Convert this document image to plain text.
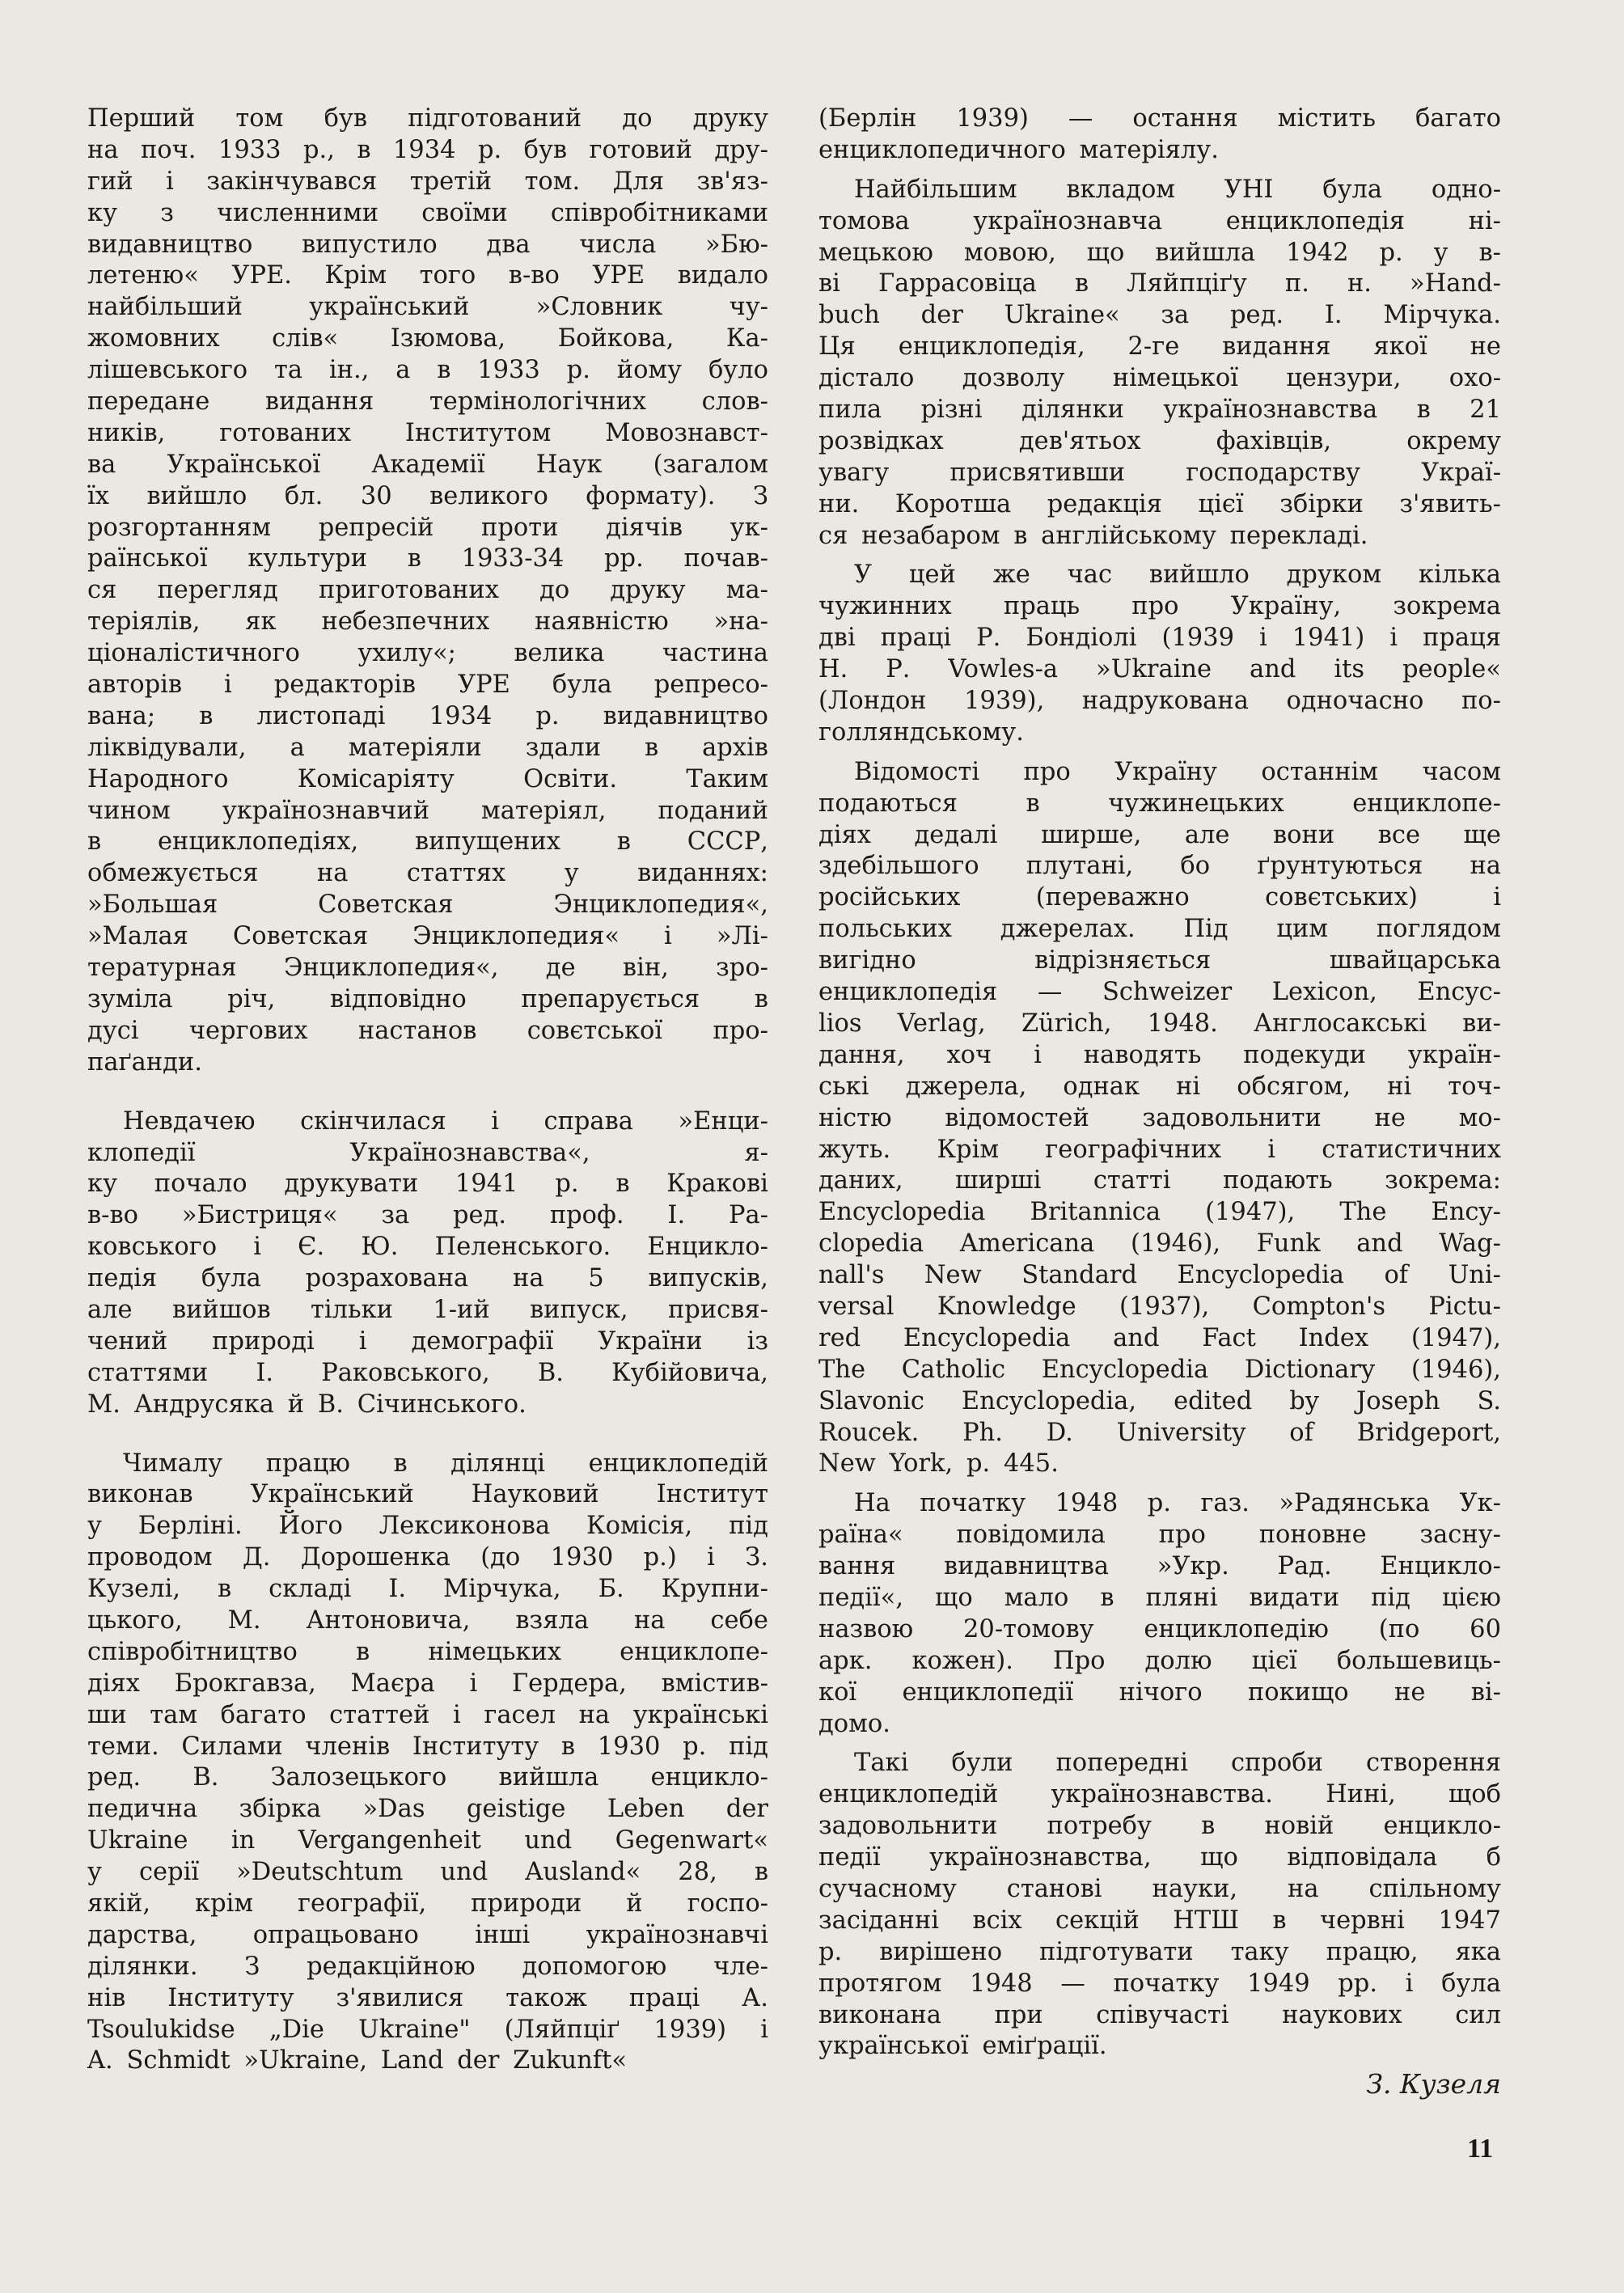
Перший том був підготований до друку
на поч. 1933 р., в 1934 р. був готовий дру-
гий і закінчувався третій том. Для зв'яз-
ку з численними своїми співробітниками
видавництво випустило два числа »Бю-
летеню« УРЕ. Крім того в-во УРЕ видало
найбільший	український	»Словник	чу-
жомовних слів« Ізюмова, Бойкова, Ка-
лішевського та ін., а в 1933 р. йому було
передане видання термінологічних слов-
ників, готованих Інститутом Мовознавст-
ва Української Академії Наук (загалом
їх вийшло бл. 30 великого формату). З
розгортанням репресій проти діячів ук-
раїнської культури в 1933-34 рр. почав-
ся перегляд приготованих до друку ма-
теріялів, як небезпечних наявністю »на-
ціоналістичного ухилу«; велика частина
авторів і редакторів УРЕ була репресо-
вана; в листопаді 1934 р. видавництво
ліквідували, а матеріяли здали в архів
Народного	Комісаріяту	Освіти.	Таким
чином українознавчий матеріял, поданий
в енциклопедіях, випущених в СССР,
обмежується на статтях у виданнях:
»Большая	Советская	Энциклопедия«,
»Малая Советская Энциклопедия« і »Лі-
тературная Энциклопедия«, де він, зро-
зуміла річ, відповідно препарується в
дусі чергових настанов совєтської про-
паґанди.
Невдачею скінчилася і справа »Енци-
клопедії	Українознавства«,	я-
ку почало друкувати 1941 р. в Кракові
в-во »Бистриця« за ред. проф. І. Ра-
ковського і Є. Ю. Пеленського. Енцикло-
педія була розрахована на 5 випусків,
але вийшов тільки 1-ий випуск, присвя-
чений природі і демографії України із
статтями І. Раковського, В. Кубійовича,
М. Андрусяка й В. Січинського.
Чималу працю в ділянці енциклопедій
виконав Український Науковий Інститут
у Берліні. Його Лексиконова Комісія, під
проводом Д. Дорошенка (до 1930 р.) і З.
Кузелі, в складі І. Мірчука, Б. Крупни-
цького, М. Антоновича, взяла на себе
співробітництво в німецьких енциклопе-
діях Брокгавза, Маєра і Гердера, вмістив-
ши там багато статтей і гасел на українські
теми. Силами членів Інституту в 1930 р. під
ред. В. Залозецького вийшла енцикло-
педична збірка »Das geistige Leben der
Ukraine in Vergangenheit und Gegenwart«
у серії »Deutschtum und Ausland« 28, в
якій, крім географії, природи й госпо-
дарства, опрацьовано інші українознавчі
ділянки. З редакційною допомогою чле-
нів Інституту з'явилися також праці А.
Tsoulukidse „Die Ukraine" (Ляйпціґ 1939) і
A. Schmidt »Ukraine, Land der Zukunft«
(Берлін 1939) — остання містить багато
енциклопедичного матеріялу.
Найбільшим вкладом УНІ була одно-
томова	українознавча	енциклопедія	ні-
мецькою мовою, що вийшла 1942 р. у в-
ві Гаррасовіца в Ляйпціґу п. н. »Hand-
buch der Ukraine« за ред. І. Мірчука.
Ця енциклопедія, 2-ге видання якої не
дістало дозволу німецької цензури, охо-
пила різні ділянки українознавства в 21
розвідках	дев'ятьох	фахівців,	окрему
увагу присвятивши господарству Украї-
ни. Коротша редакція цієї збірки з'явить-
ся незабаром в англійському перекладі.
У цей же час вийшло друком кілька
чужинних праць про Україну, зокрема
дві праці Р. Бондіолі (1939 і 1941) і праця
Н. Р. Vowles-а »Ukraine and its people«
(Лондон 1939), надрукована одночасно по-
голляндському.
Відомості про Україну останнім часом
подаються	в	чужинецьких	енциклопе-
діях дедалі ширше, але вони все ще
здебільшого плутані, бо ґрунтуються на
російських	(переважно	совєтських)	і
польських джерелах. Під цим поглядом
вигідно	відрізняється	швайцарська
енциклопедія — Schweizer Lexicon, Encyc-
lios Verlag, Zürich, 1948. Англосакські ви-
дання, хоч і наводять подекуди україн-
ські джерела, однак ні обсягом, ні точ-
ністю відомостей задовольнити не мо-
жуть. Крім географічних і статистичних
даних, ширші статті подають зокрема:
Encyclopedia Britannica (1947), The Ency-
clopedia Americana (1946), Funk and Wag-
nall's New Standard Encyclopedia of Uni-
versal Knowledge (1937), Compton's Pictu-
red Encyclopedia and Fact Index (1947),
The Catholic Encyclopedia Dictionary (1946),
Slavonic Encyclopedia, edited by Joseph S.
Roucek. Ph. D. University of Bridgeport,
New York, p. 445.
На початку 1948 р. газ. »Радянська Ук-
раїна« повідомила про поновне засну-
вання видавництва »Укр. Рад. Енцикло-
педії«, що мало в пляні видати під цією
назвою 20-томову енциклопедію (по 60
арк. кожен). Про долю цієї большевиць-
кої енциклопедії нічого покищо не ві-
домо.
Такі були попередні спроби створення
енциклопедій українознавства. Нині, щоб
задовольнити потребу в новій енцикло-
педії українознавства, що відповідала б
сучасному станові науки, на спільному
засіданні всіх секцій НТШ в червні 1947
р. вирішено підготувати таку працю, яка
протягом 1948 — початку 1949 рр. і була
виконана при співучасті наукових сил
української еміґрації.
З. Кузеля
11
